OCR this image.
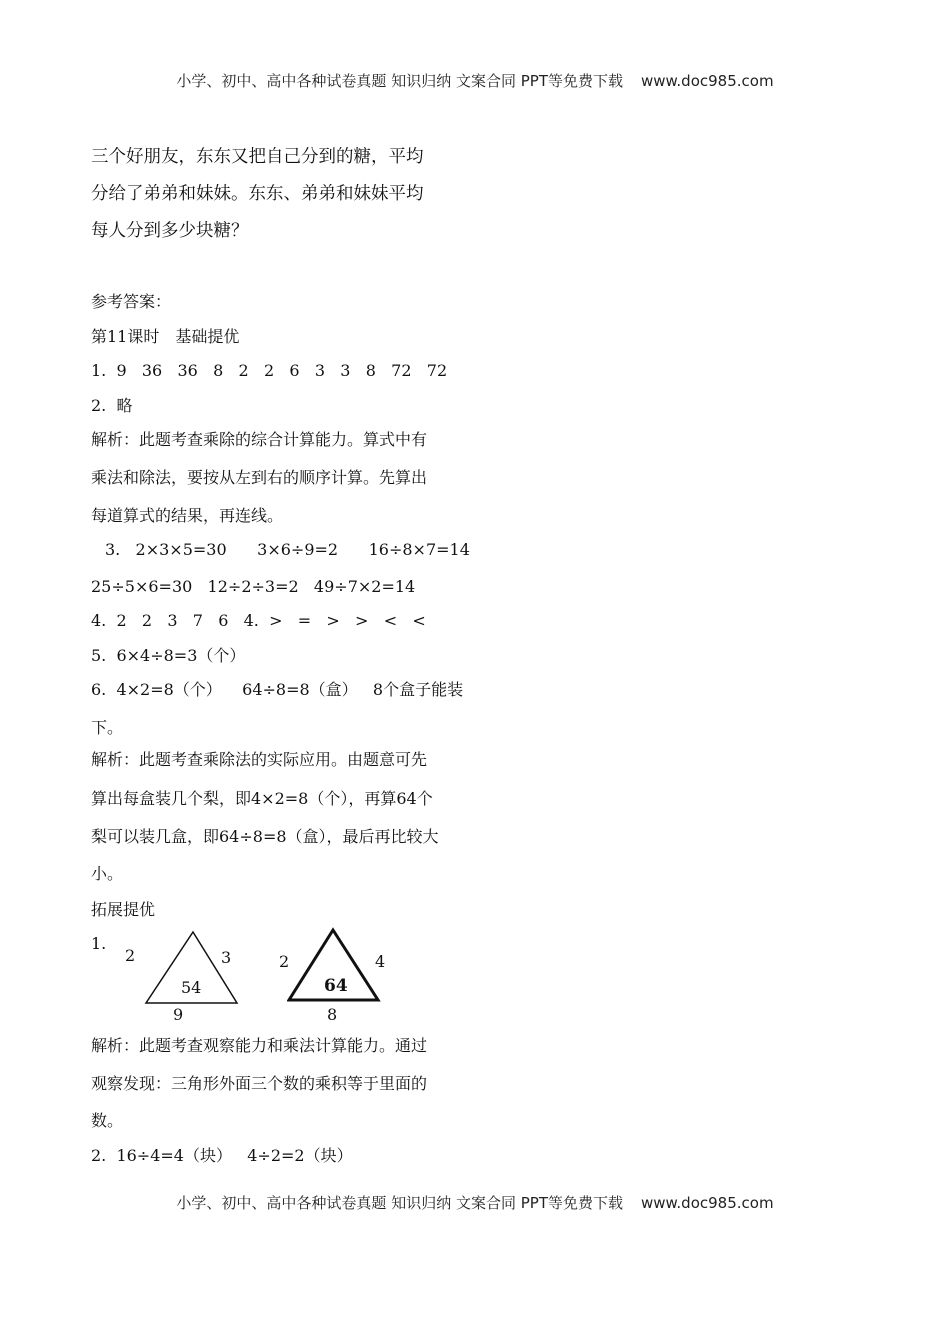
小学、初中、高中各种试卷真题 知识归纳 文案合同 PPT等免费下载 www.doc985.com
三个好朋友，东东又把自己分到的糖，平均
分给了弟弟和妹妹。东东、弟弟和妹妹平均
每人分到多少块糖？
参考答案：
第11课时　基础提优
1.  9   36   36   8   2   2   6   3   3   8   72   72
2.  略
解析：此题考查乘除的综合计算能力。算式中有
乘法和除法，要按从左到右的顺序计算。先算出
每道算式的结果，再连线。
3.   2×3×5=30      3×6÷9=2      16÷8×7=14
25÷5×6=30   12÷2÷3=2   49÷7×2=14
4.  2   2   3   7   6   4.  >   =   >   >   <   <
5.  6×4÷8=3（个）
6.  4×2=8（个）    64÷8=8（盒）   8个盒子能装
下。
解析：此题考查乘除法的实际应用。由题意可先
算出每盒装几个梨，即4×2=8（个），再算64个
梨可以装几盒，即64÷8=8（盒），最后再比较大
小。
拓展提优
1.
2	3
54
9
2	4
64
8
解析：此题考查观察能力和乘法计算能力。通过
观察发现：三角形外面三个数的乘积等于里面的
数。
2.  16÷4=4（块）   4÷2=2（块）
小学、初中、高中各种试卷真题 知识归纳 文案合同 PPT等免费下载 www.doc985.com
